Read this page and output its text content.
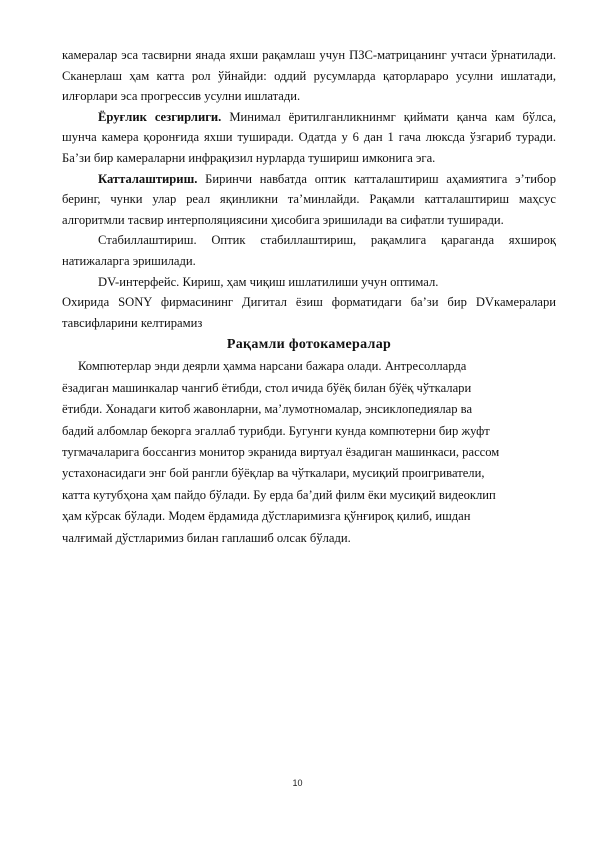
камералар эса тасвирни янада яхши рақамлаш учун ПЗС-матрицанинг учтаси ўрнатилади. Сканерлаш ҳам катта рол ўйнайди: оддий русумларда қаторлараро усулни ишлатади, илғорлари эса прогрессив усулни ишлатади.

Ёруғлик сезгирлиги. Минимал ёритилганликнинмг қиймати қанча кам бўлса, шунча камера қоронғида яхши туширади. Одатда у 6 дан 1 гача люксда ўзгариб туради. Ба’зи бир камераларни инфрақизил нурларда тушириш имконига эга.

Катталаштириш. Биринчи навбатда оптик катталаштириш аҳамиятига э’тибор беринг, чунки улар реал яқинликни та’минлайди. Рақамли катталаштириш маҳсус алгоритмли тасвир интерполяциясини ҳисобига эришилади ва сифатли туширади.

Стабиллаштириш. Оптик стабиллаштириш, рақамлига қараганда яхшироқ натижаларга эришилади.

DV-интерфейс. Кириш, ҳам чиқиш ишлатилиши учун оптимал.

Охирида SONY фирмасининг Дигитал ёзиш форматидаги ба’зи бир DVкамералари тавсифларини келтирамиз

Рақамли фотокамералар

Компютерлар энди деярли ҳамма нарсани бажара олади. Антресолларда

ёзадиган машинкалар чангиб ётибди, стол ичида бўёқ билан бўёқ чўткалари

ётибди. Хонадаги китоб жавонларни, ма’лумотномалар, энсиклопедиялар ва

бадий албомлар бекорга эгаллаб турибди. Бугунги кунда компютерни бир жуфт

тугмачаларига боссангиз монитор экранида виртуал ёзадиган машинкаси, рассом

устахонасидаги энг бой рангли бўёқлар ва чўткалари, мусиқий проигриватели,

катта кутубҳона ҳам пайдо бўлади. Бу ерда ба’дий филм ёки мусиқий видеоклип

ҳам кўрсак бўлади. Модем ёрдамида дўстларимизга қўнғироқ қилиб, ишдан

чалғимай дўстларимиз билан гаплашиб олсак бўлади.

10
